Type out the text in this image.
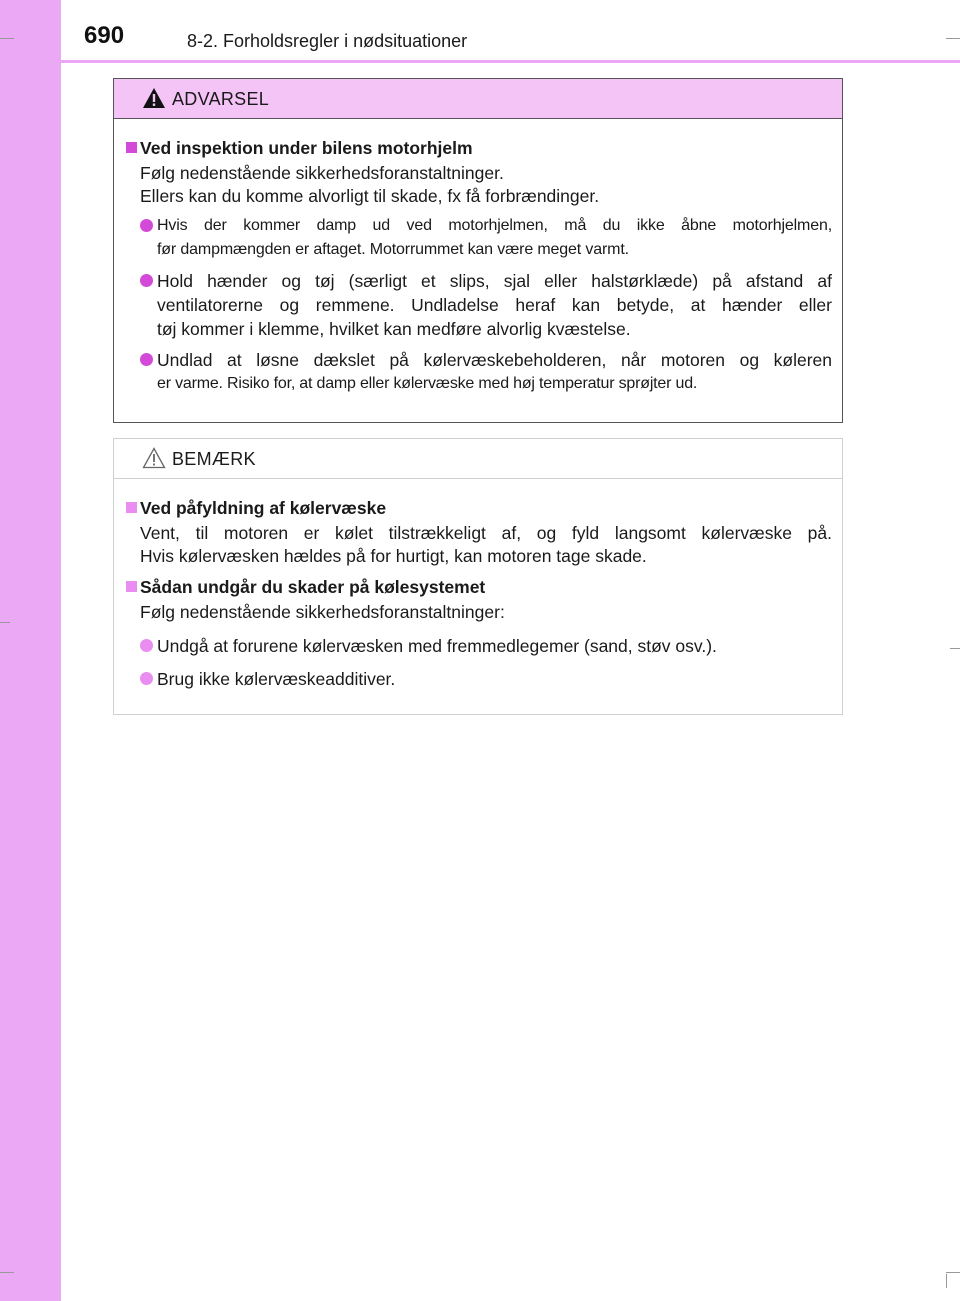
690	8-2. Forholdsregler i nødsituationer
ADVARSEL
Ved inspektion under bilens motorhjelm
Følg nedenstående sikkerhedsforanstaltninger.
Ellers kan du komme alvorligt til skade, fx få forbrændinger.
Hvis der kommer damp ud ved motorhjelmen, må du ikke åbne motorhjelmen,
før dampmængden er aftaget. Motorrummet kan være meget varmt.
Hold hænder og tøj (særligt et slips, sjal eller halstørklæde) på afstand af
ventilatorerne og remmene. Undladelse heraf kan betyde, at hænder eller
tøj kommer i klemme, hvilket kan medføre alvorlig kvæstelse.
Undlad at løsne dækslet på kølervæskebeholderen, når motoren og køleren
er varme. Risiko for, at damp eller kølervæske med høj temperatur sprøjter ud.
BEMÆRK
Ved påfyldning af kølervæske
Vent, til motoren er kølet tilstrækkeligt af, og fyld langsomt kølervæske på.
Hvis kølervæsken hældes på for hurtigt, kan motoren tage skade.
Sådan undgår du skader på kølesystemet
Følg nedenstående sikkerhedsforanstaltninger:
Undgå at forurene kølervæsken med fremmedlegemer (sand, støv osv.).
Brug ikke kølervæskeadditiver.
